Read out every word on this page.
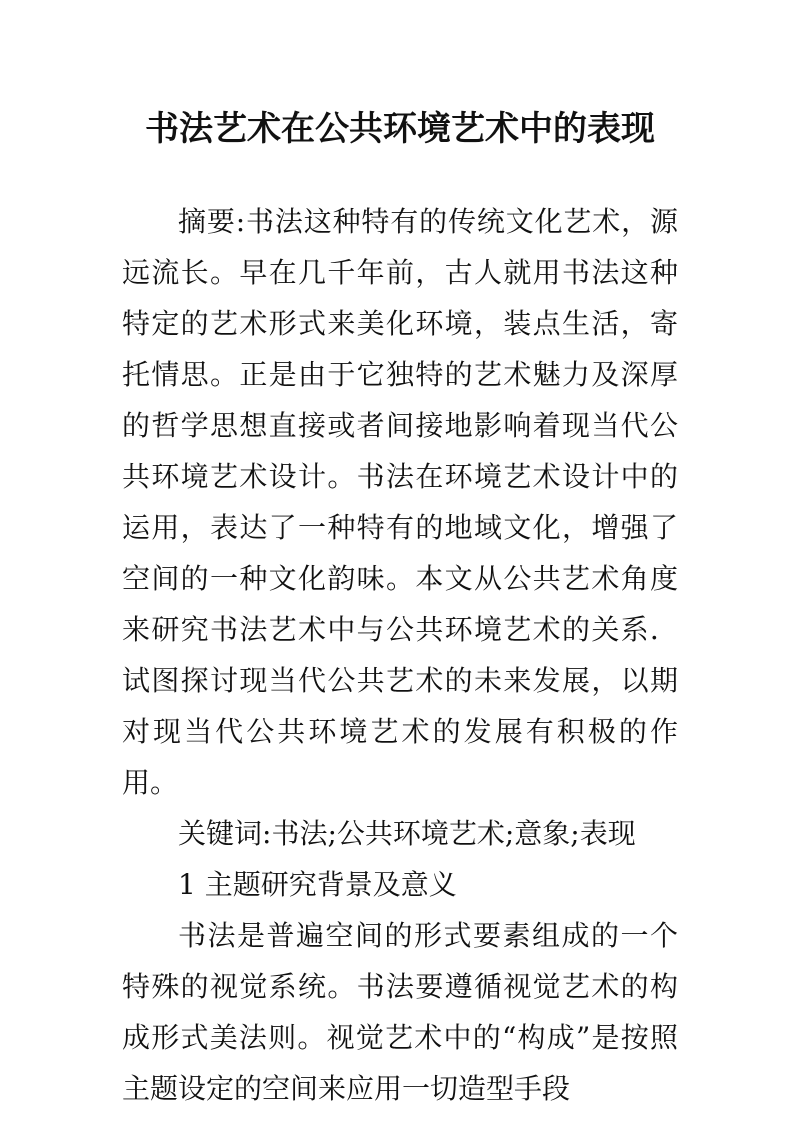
书法艺术在公共环境艺术中的表现

摘要:书法这种特有的传统文化艺术，源远流长。早在几千年前，古人就用书法这种特定的艺术形式来美化环境，装点生活，寄托情思。正是由于它独特的艺术魅力及深厚的哲学思想直接或者间接地影响着现当代公共环境艺术设计。书法在环境艺术设计中的运用，表达了一种特有的地域文化，增强了空间的一种文化韵味。本文从公共艺术角度来研究书法艺术中与公共环境艺术的关系．试图探讨现当代公共艺术的未来发展，以期对现当代公共环境艺术的发展有积极的作用。

关键词:书法;公共环境艺术;意象;表现

1 主题研究背景及意义

书法是普遍空间的形式要素组成的一个特殊的视觉系统。书法要遵循视觉艺术的构成形式美法则。视觉艺术中的“构成”是按照主题设定的空间来应用一切造型手段
